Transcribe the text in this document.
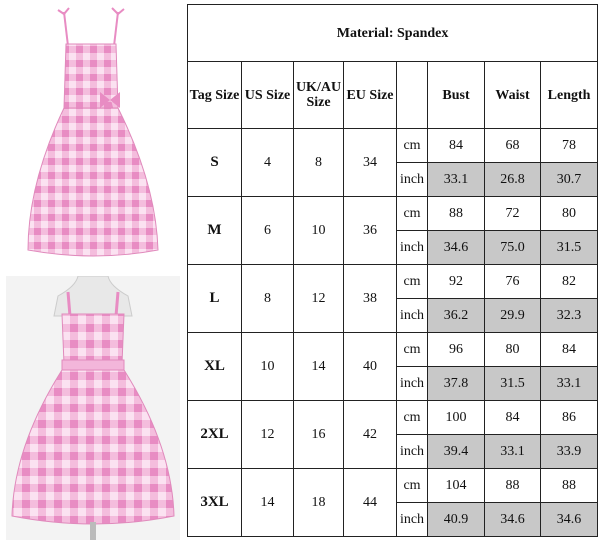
Material: Spandex							
Tag Size	US Size	UK/AU Size	EU Size		Bust	Waist	Length
S	4	8	34	cm	84	68	78
				inch	33.1	26.8	30.7
M	6	10	36	cm	88	72	80
				inch	34.6	75.0	31.5
L	8	12	38	cm	92	76	82
				inch	36.2	29.9	32.3
XL	10	14	40	cm	96	80	84
				inch	37.8	31.5	33.1
2XL	12	16	42	cm	100	84	86
				inch	39.4	33.1	33.9
3XL	14	18	44	cm	104	88	88
				inch	40.9	34.6	34.6
